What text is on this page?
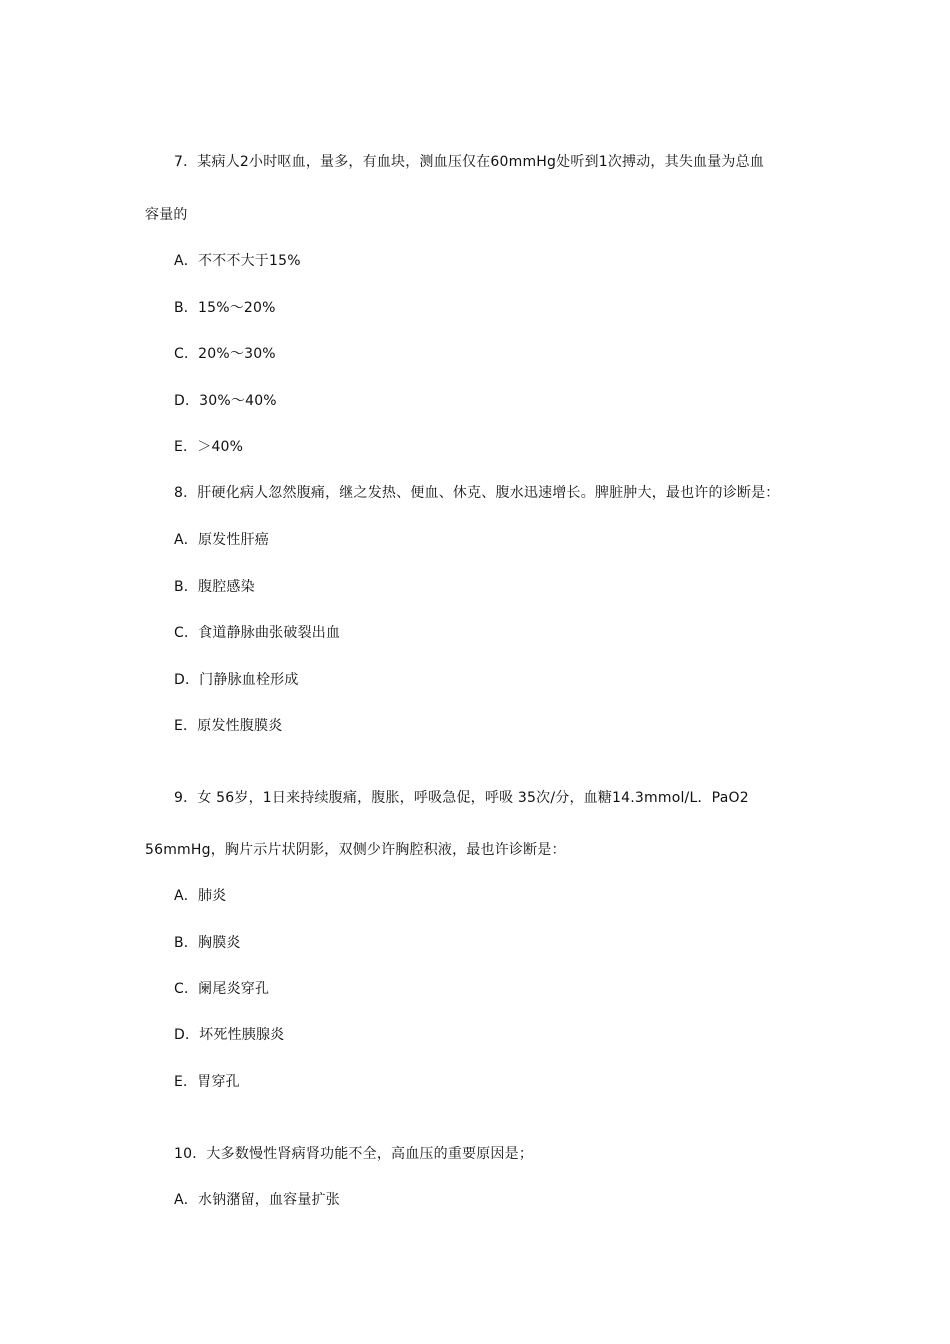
7．某病人2小时呕血，量多，有血块，测血压仅在60mmHg处听到1次搏动，其失血量为总血
容量的
A．不不不大于15%
B．15%～20%
C．20%～30%
D．30%～40%
E．＞40%
8．肝硬化病人忽然腹痛，继之发热、便血、休克、腹水迅速增长。脾脏肿大，最也许的诊断是：
A．原发性肝癌
B．腹腔感染
C．食道静脉曲张破裂出血
D．门静脉血栓形成
E．原发性腹膜炎
9．女 56岁，1日来持续腹痛，腹胀，呼吸急促，呼吸 35次/分，血糖14.3mmol/L．PaO2
56mmHg，胸片示片状阴影，双侧少许胸腔积液，最也许诊断是：
A．肺炎
B．胸膜炎
C．阑尾炎穿孔
D．坏死性胰腺炎
E．胃穿孔
10．大多数慢性肾病肾功能不全，高血压的重要原因是；
A．水钠潴留，血容量扩张
